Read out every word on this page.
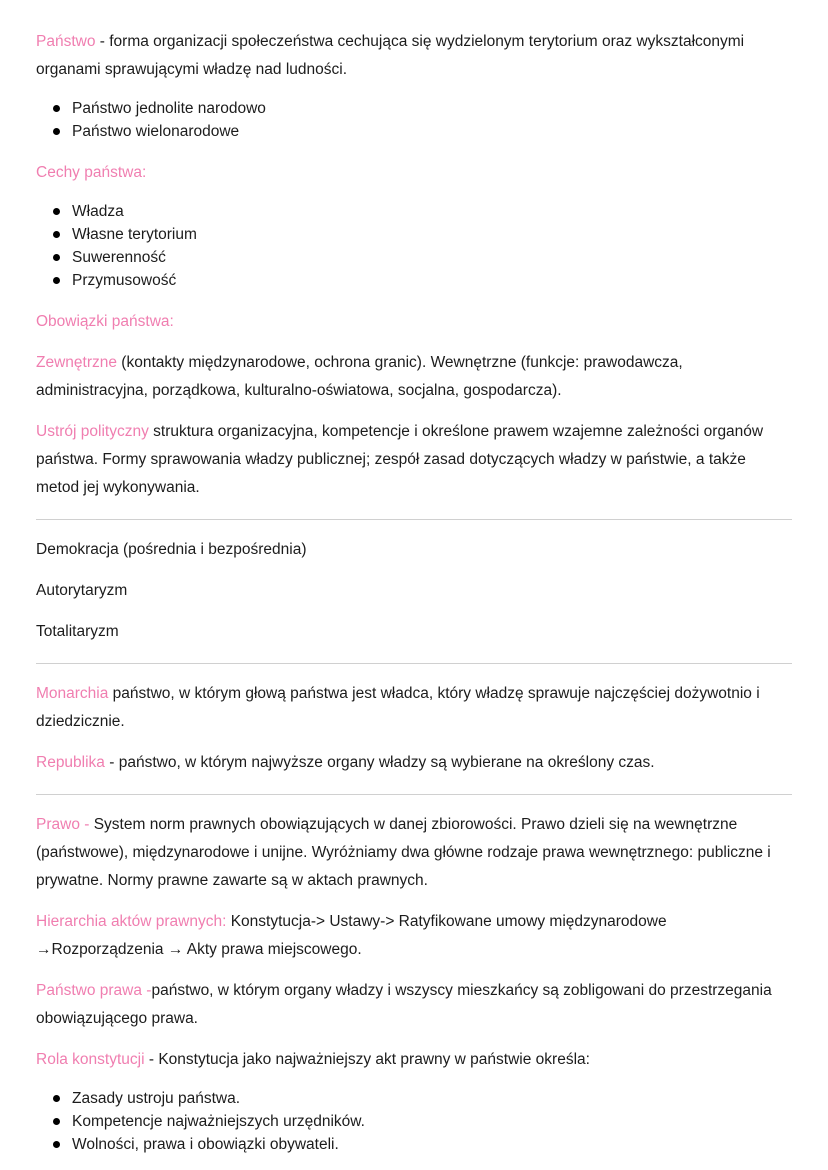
Państwo - forma organizacji społeczeństwa cechująca się wydzielonym terytorium oraz wykształconymi organami sprawującymi władzę nad ludności.

Państwo jednolite narodowo
Państwo wielonarodowe

Cechy państwa:

Władza
Własne terytorium
Suwerenność
Przymusowość

Obowiązki państwa:

Zewnętrzne (kontakty międzynarodowe, ochrona granic). Wewnętrzne (funkcje: prawodawcza, administracyjna, porządkowa, kulturalno-oświatowa, socjalna, gospodarcza).

Ustrój polityczny struktura organizacyjna, kompetencje i określone prawem wzajemne zależności organów państwa. Formy sprawowania władzy publicznej; zespół zasad dotyczących władzy w państwie, a także metod jej wykonywania.

Demokracja (pośrednia i bezpośrednia)

Autorytaryzm

Totalitaryzm

Monarchia państwo, w którym głową państwa jest władca, który władzę sprawuje najczęściej dożywotnio i dziedzicznie.

Republika - państwo, w którym najwyższe organy władzy są wybierane na określony czas.

Prawo - System norm prawnych obowiązujących w danej zbiorowości. Prawo dzieli się na wewnętrzne (państwowe), międzynarodowe i unijne. Wyróżniamy dwa główne rodzaje prawa wewnętrznego: publiczne i prywatne. Normy prawne zawarte są w aktach prawnych.

Hierarchia aktów prawnych: Konstytucja-> Ustawy-> Ratyfikowane umowy międzynarodowe →Rozporządzenia → Akty prawa miejscowego.

Państwo prawa -państwo, w którym organy władzy i wszyscy mieszkańcy są zobligowani do przestrzegania obowiązującego prawa.

Rola konstytucji - Konstytucja jako najważniejszy akt prawny w państwie określa:

Zasady ustroju państwa.
Kompetencje najważniejszych urzędników.
Wolności, prawa i obowiązki obywateli.
